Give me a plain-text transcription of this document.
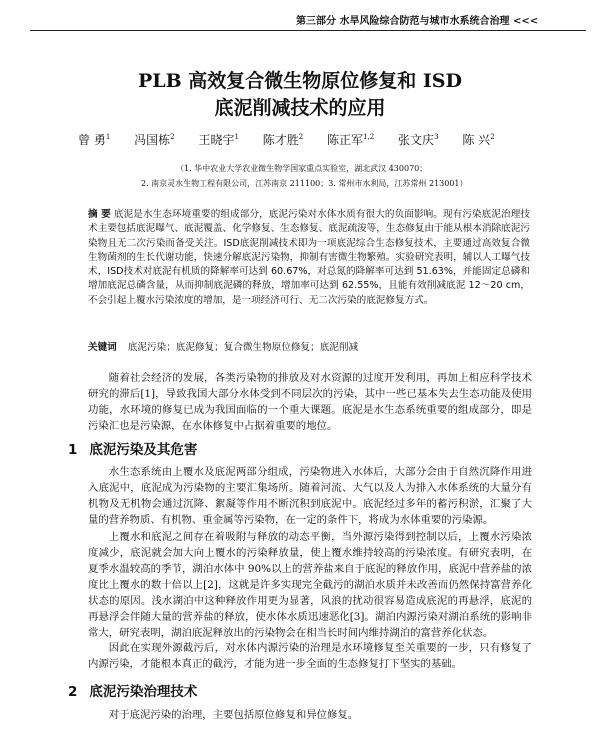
第三部分 水旱风险综合防范与城市水系统合治理 <<<
PLB 高效复合微生物原位修复和 ISD
底泥削减技术的应用
曾 勇$^1$ 冯国栋$^2$ 王晓宇$^1$ 陈才胜$^2$ 陈正军$^{1,2}$ 张文庆$^3$ 陈 兴$^2$
（1. 华中农业大学农业微生物学国家重点实验室，湖北武汉 430070；
2. 南京灵水生物工程有限公司，江苏南京 211100；3. 常州市水利局，江苏常州 213001）
摘 要 底泥是水生态环境重要的组成部分，底泥污染对水体水质有很大的负面影响。现有污染底泥治理技术主要包括底泥曝气、底泥覆盖、化学修复、生态修复、底泥疏浚等，生态修复由于能从根本消除底泥污染物且无二次污染而备受关注。ISD底泥削减技术即为一项底泥综合生态修复技术，主要通过高效复合微生物菌剂的生长代谢功能，快速分解底泥污染物，抑制有害微生物繁殖。实验研究表明，辅以人工曝气技术，ISD技术对底泥有机质的降解率可达到 60.67%，对总氮的降解率可达到 51.63%，并能固定总磷和增加底泥总磷含量，从而抑制底泥磷的释放，增加率可达到 62.55%，且能有效削减底泥 12～20 cm，不会引起上覆水污染浓度的增加，是一项经济可行、无二次污染的底泥修复方式。
关键词 底泥污染；底泥修复；复合微生物原位修复；底泥削减
随着社会经济的发展，各类污染物的排放及对水资源的过度开发利用，再加上相应科学技术研究的滞后[1]，导致我国大部分水体受到不同层次的污染，其中一些已基本失去生态功能及使用功能，水环境的修复已成为我国面临的一个重大课题。底泥是水生态系统重要的组成部分，即是污染汇也是污染源，在水体修复中占据着重要的地位。
1 底泥污染及其危害
水生态系统由上覆水及底泥两部分组成，污染物进入水体后，大部分会由于自然沉降作用进入底泥中，底泥成为污染物的主要汇集场所。随着河流、大气以及人为排入水体系统的大量分有机物及无机物会通过沉降、絮凝等作用不断沉积到底泥中。底泥经过多年的蓄污积淤，汇聚了大量的营养物质、有机物、重金属等污染物，在一定的条件下，将成为水体重要的污染源。
上覆水和底泥之间存在着吸附与释放的动态平衡，当外源污染得到控制以后，上覆水污染浓度减少，底泥就会加大向上覆水的污染释放量，使上覆水维持较高的污染浓度。有研究表明，在夏季水温较高的季节，湖泊水体中 90%以上的营养盐来自于底泥的释放作用，底泥中营养盐的浓度比上覆水的数十倍以上[2]，这就是许多实现完全截污的湖泊水质并未改善而仍然保持富营养化状态的原因。浅水湖泊中这种释放作用更为显著，风浪的扰动很容易造成底泥的再悬浮，底泥的再悬浮会伴随大量的营养盐的释放，使水体水质迅速恶化[3]。湖泊内源污染对湖泊系统的影响非常大，研究表明，湖泊底泥释放出的污染物会在相当长时间内维持湖泊的富营养化状态。
因此在实现外源截污后，对水体内源污染的治理是水环境修复至关重要的一步，只有修复了内源污染，才能根本真正的截污，才能为进一步全面的生态修复打下坚实的基础。
2 底泥污染治理技术
对于底泥污染的治理，主要包括原位修复和异位修复。
